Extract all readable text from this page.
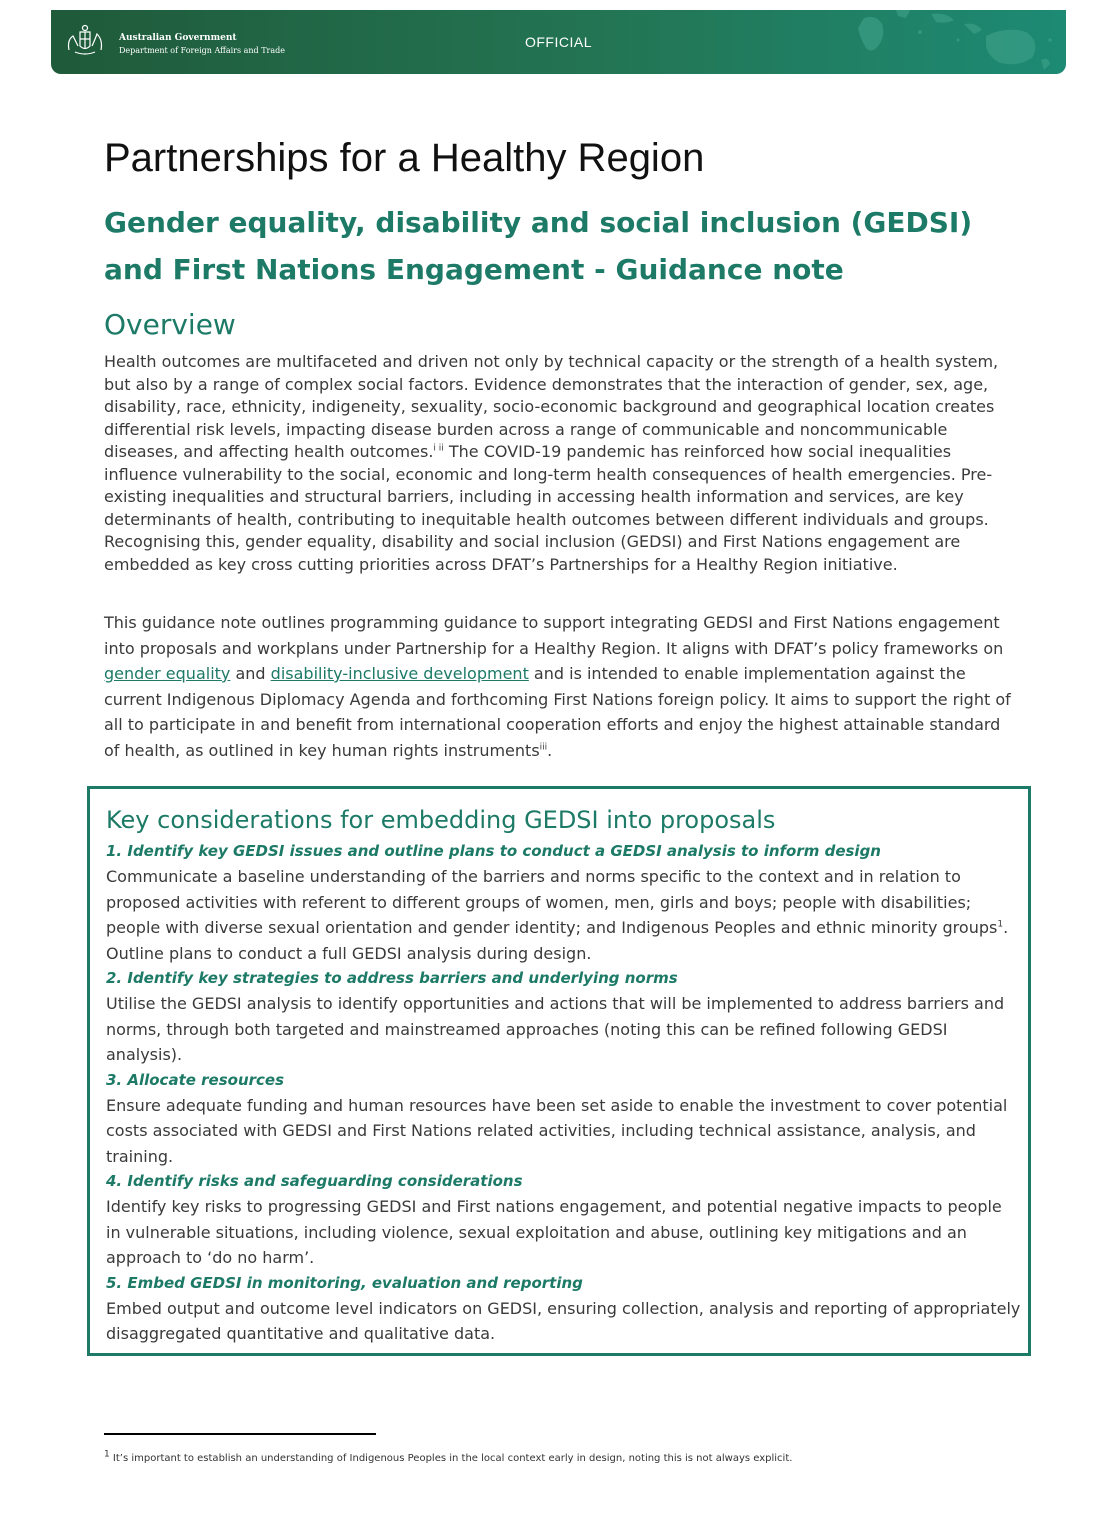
Australian Government
Department of Foreign Affairs and Trade
OFFICIAL
Partnerships for a Healthy Region
Gender equality, disability and social inclusion (GEDSI) and First Nations Engagement - Guidance note
Overview

Health outcomes are multifaceted and driven not only by technical capacity or the strength of a health system, but also by a range of complex social factors. Evidence demonstrates that the interaction of gender, sex, age, disability, race, ethnicity, indigeneity, sexuality, socio-economic background and geographical location creates differential risk levels, impacting disease burden across a range of communicable and noncommunicable diseases, and affecting health outcomes.$^{i ii}$ The COVID-19 pandemic has reinforced how social inequalities influence vulnerability to the social, economic and long-term health consequences of health emergencies. Pre-existing inequalities and structural barriers, including in accessing health information and services, are key determinants of health, contributing to inequitable health outcomes between different individuals and groups. Recognising this, gender equality, disability and social inclusion (GEDSI) and First Nations engagement are embedded as key cross cutting priorities across DFAT’s Partnerships for a Healthy Region initiative.

This guidance note outlines programming guidance to support integrating GEDSI and First Nations engagement into proposals and workplans under Partnership for a Healthy Region. It aligns with DFAT’s policy frameworks on gender equality and disability-inclusive development and is intended to enable implementation against the current Indigenous Diplomacy Agenda and forthcoming First Nations foreign policy. It aims to support the right of all to participate in and benefit from international cooperation efforts and enjoy the highest attainable standard of health, as outlined in key human rights instruments$^{iii}$.

Key considerations for embedding GEDSI into proposals

1. Identify key GEDSI issues and outline plans to conduct a GEDSI analysis to inform design

Communicate a baseline understanding of the barriers and norms specific to the context and in relation to proposed activities with referent to different groups of women, men, girls and boys; people with disabilities; people with diverse sexual orientation and gender identity; and Indigenous Peoples and ethnic minority groups$^1$. Outline plans to conduct a full GEDSI analysis during design.

2. Identify key strategies to address barriers and underlying norms

Utilise the GEDSI analysis to identify opportunities and actions that will be implemented to address barriers and norms, through both targeted and mainstreamed approaches (noting this can be refined following GEDSI analysis).

3. Allocate resources

Ensure adequate funding and human resources have been set aside to enable the investment to cover potential costs associated with GEDSI and First Nations related activities, including technical assistance, analysis, and training.

4. Identify risks and safeguarding considerations

Identify key risks to progressing GEDSI and First nations engagement, and potential negative impacts to people in vulnerable situations, including violence, sexual exploitation and abuse, outlining key mitigations and an approach to ‘do no harm’.

5. Embed GEDSI in monitoring, evaluation and reporting

Embed output and outcome level indicators on GEDSI, ensuring collection, analysis and reporting of appropriately disaggregated quantitative and qualitative data.

$^1$ It’s important to establish an understanding of Indigenous Peoples in the local context early in design, noting this is not always explicit.
